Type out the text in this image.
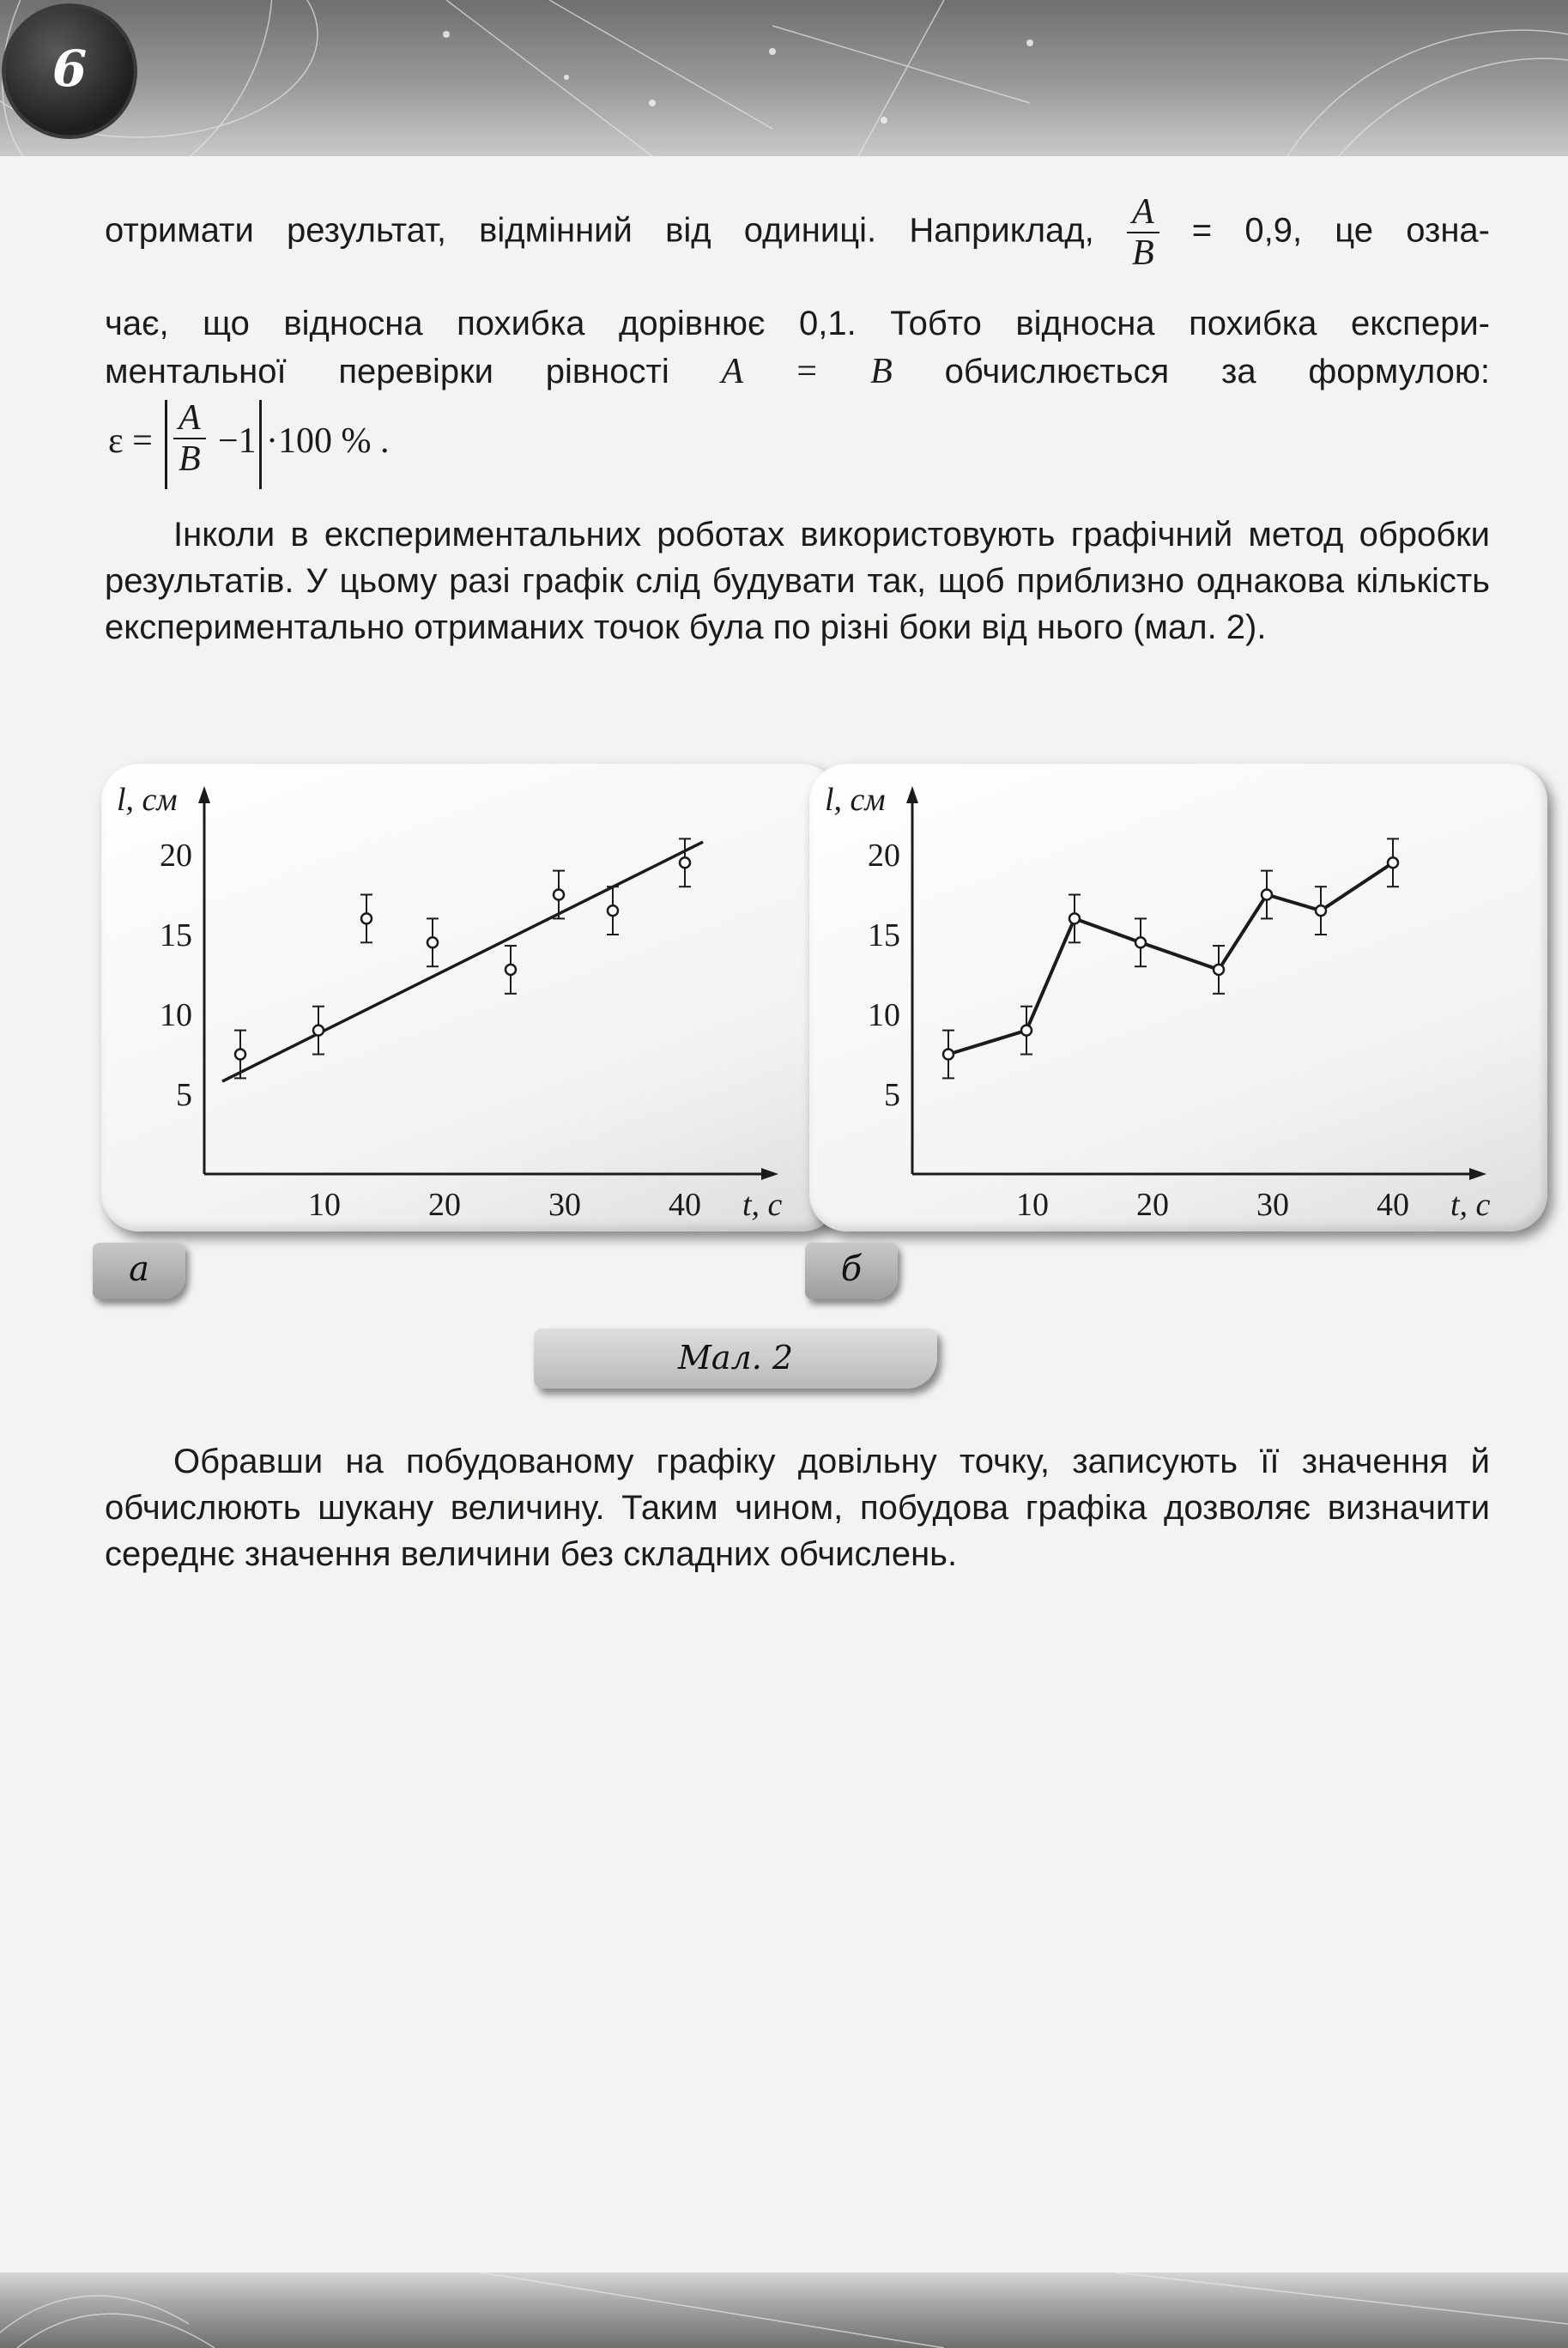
6

отримати результат, відмінний від одиниці. Наприклад, $\frac{A}{B} = 0,9$, це озна-

чає, що відносна похибка дорівнює 0,1. Тобто відносна похибка експери-

ментальної перевірки рівності A = B обчислюється за формулою:

$\varepsilon = \frac{A}{B} -1 \cdot 100$ % .

Інколи в експериментальних роботах використовують графічний метод обробки результатів. У цьому разі графік слід будувати так, щоб приблизно однакова кількість експериментально отриманих точок була по різні боки від нього (мал. 2).

10	20	30	40
5
10
15
20
t, с
l, см
10	20	30	40
5
10
15
20
t, с
l, см
а	б
Мал. 2

Обравши на побудованому графіку довільну точку, записують її значення й обчислюють шукану величину. Таким чином, побудова графіка дозволяє визначити середнє значення величини без складних обчислень.
